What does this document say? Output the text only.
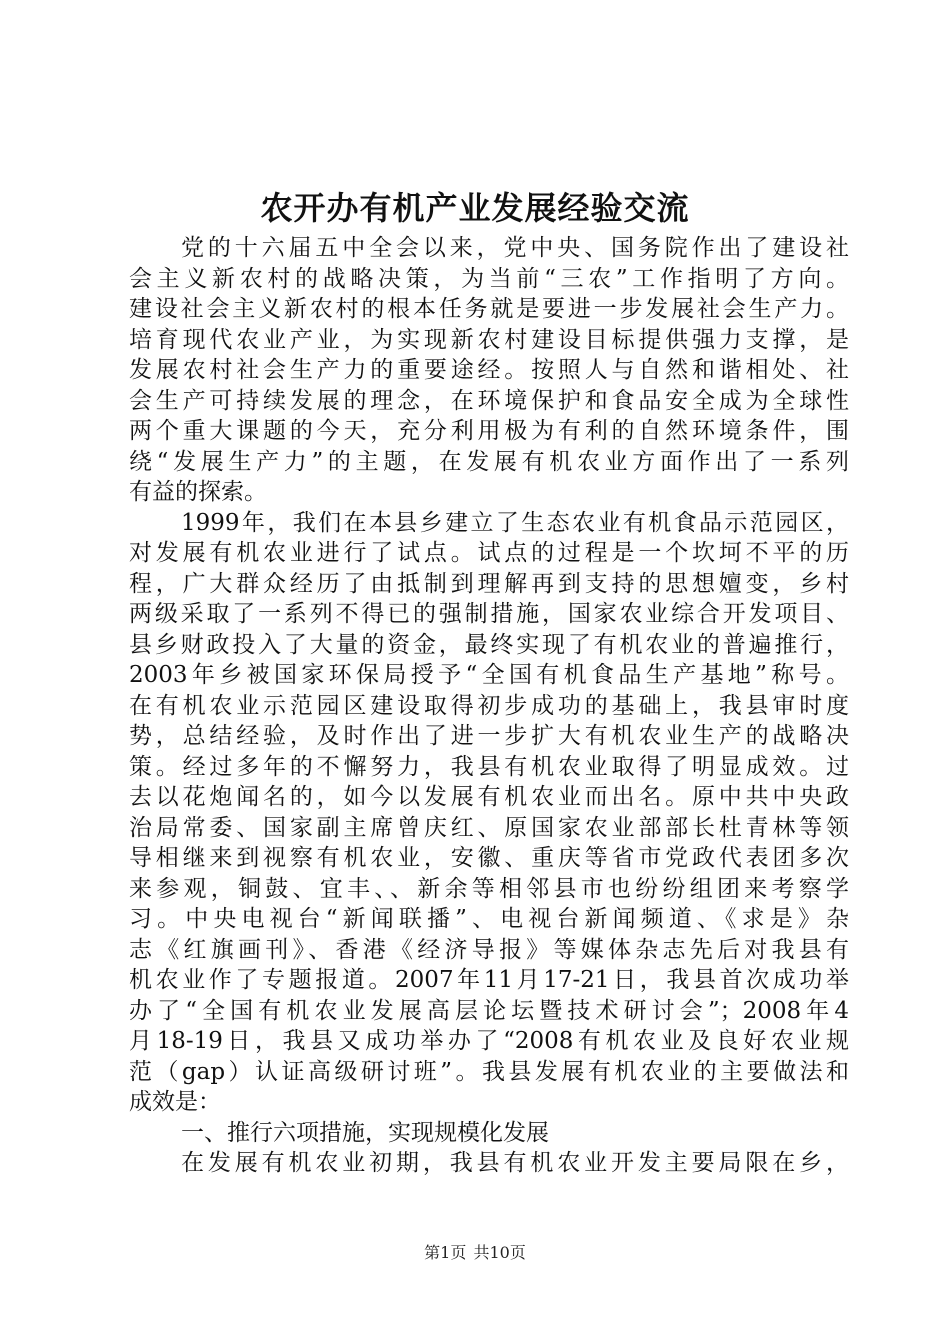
农开办有机产业发展经验交流
党的十六届五中全会以来，党中央、国务院作出了建设社
会主义新农村的战略决策，为当前“三农”工作指明了方向。
建设社会主义新农村的根本任务就是要进一步发展社会生产力。
培育现代农业产业，为实现新农村建设目标提供强力支撑，是
发展农村社会生产力的重要途经。按照人与自然和谐相处、社
会生产可持续发展的理念，在环境保护和食品安全成为全球性
两个重大课题的今天，充分利用极为有利的自然环境条件，围
绕“发展生产力”的主题，在发展有机农业方面作出了一系列
有益的探索。
1999年，我们在本县乡建立了生态农业有机食品示范园区，
对发展有机农业进行了试点。试点的过程是一个坎坷不平的历
程，广大群众经历了由抵制到理解再到支持的思想嬗变，乡村
两级采取了一系列不得已的强制措施，国家农业综合开发项目、
县乡财政投入了大量的资金，最终实现了有机农业的普遍推行，
2003年乡被国家环保局授予“全国有机食品生产基地”称号。
在有机农业示范园区建设取得初步成功的基础上，我县审时度
势，总结经验，及时作出了进一步扩大有机农业生产的战略决
策。经过多年的不懈努力，我县有机农业取得了明显成效。过
去以花炮闻名的，如今以发展有机农业而出名。原中共中央政
治局常委、国家副主席曾庆红、原国家农业部部长杜青林等领
导相继来到视察有机农业，安徽、重庆等省市党政代表团多次
来参观，铜鼓、宜丰、、新余等相邻县市也纷纷组团来考察学
习。中央电视台“新闻联播”、电视台新闻频道、《求是》杂
志《红旗画刊》、香港《经济导报》等媒体杂志先后对我县有
机农业作了专题报道。2007年11月17-21日，我县首次成功举
办了“全国有机农业发展高层论坛暨技术研讨会”；2008年4
月18-19日，我县又成功举办了“2008有机农业及良好农业规
范（gap）认证高级研讨班”。我县发展有机农业的主要做法和
成效是：
一、推行六项措施，实现规模化发展
在发展有机农业初期，我县有机农业开发主要局限在乡，
第1页 共10页
